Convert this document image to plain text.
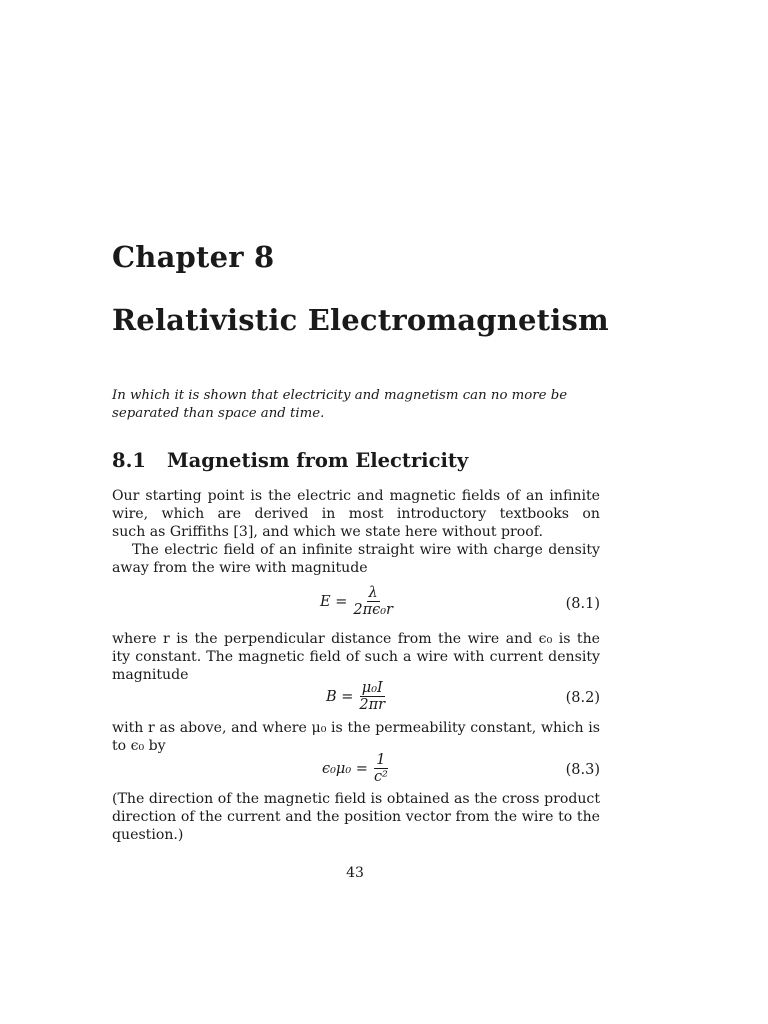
Chapter 8
Relativistic Electromagnetism

In which it is shown that electricity and magnetism can no more be separated than space and time.

8.1 Magnetism from Electricity
Our starting point is the electric and magnetic fields of an infinite
wire, which are derived in most introductory textbooks on
such as Griffiths [3], and which we state here without proof.
The electric field of an infinite straight wire with charge density
away from the wire with magnitude
$E = \frac{\lambda}{\text{2πϵ₀r}}$	(8.1)
where r is the perpendicular distance from the wire and ϵ₀ is the
ity constant. The magnetic field of such a wire with current density
magnitude
$B = \frac{\text{μ₀I}}{2\pi r}$	(8.2)
with r as above, and where μ₀ is the permeability constant, which is
to ϵ₀ by
$\epsilon_0\mu_0 = \frac{1}{\text{c²}}$	(8.3)
(The direction of the magnetic field is obtained as the cross product
direction of the current and the position vector from the wire to the
question.)
43
